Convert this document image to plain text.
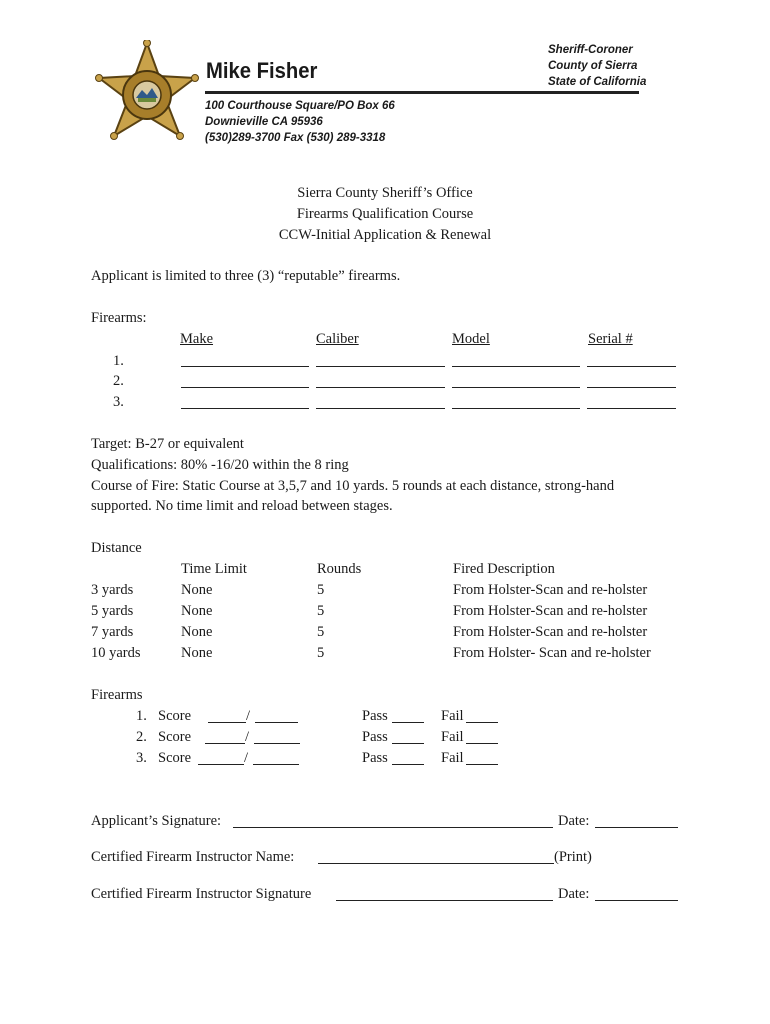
Mike Fisher
100 Courthouse Square/PO Box 66
Downieville CA 95936
(530)289-3700 Fax (530) 289-3318
Sheriff-Coroner
County of Sierra
State of California
Sierra County Sheriff’s Office
Firearms Qualification Course
CCW-Initial Application & Renewal
Applicant is limited to three (3) “reputable” firearms.
Firearms:
Make	Caliber	Model	Serial #
1.
2.
3.
Target: B-27 or equivalent
Qualifications: 80% -16/20 within the 8 ring
Course of Fire: Static Course at 3,5,7 and 10 yards. 5 rounds at each distance, strong-hand
supported. No time limit and reload between stages.
Distance
Time Limit	Rounds	Fired Description
3 yards	None	5	From Holster-Scan and re-holster
5 yards	None	5	From Holster-Scan and re-holster
7 yards	None	5	From Holster-Scan and re-holster
10 yards	None	5	From Holster- Scan and re-holster
Firearms
1. Score	/	Pass	Fail
2. Score	/	Pass	Fail
3. Score	/	Pass	Fail
Applicant’s Signature:	Date:
Certified Firearm Instructor Name:	(Print)
Certified Firearm Instructor Signature	Date:
